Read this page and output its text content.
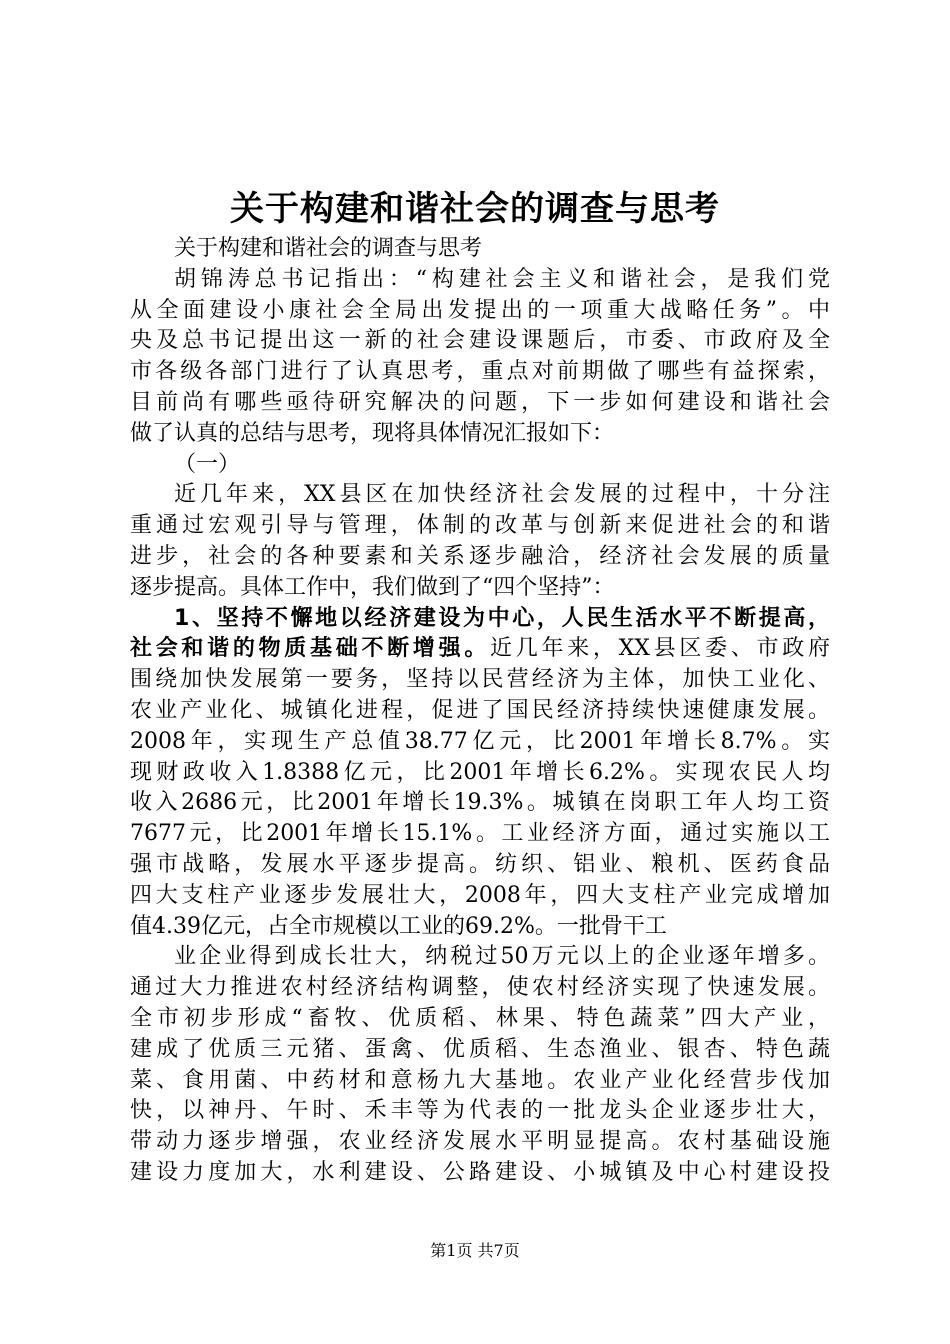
关于构建和谐社会的调查与思考
关于构建和谐社会的调查与思考
胡锦涛总书记指出：“构建社会主义和谐社会，是我们党
从全面建设小康社会全局出发提出的一项重大战略任务”。中
央及总书记提出这一新的社会建设课题后，市委、市政府及全
市各级各部门进行了认真思考，重点对前期做了哪些有益探索，
目前尚有哪些亟待研究解决的问题，下一步如何建设和谐社会
做了认真的总结与思考，现将具体情况汇报如下：
（一）
近几年来，XX县区在加快经济社会发展的过程中，十分注
重通过宏观引导与管理，体制的改革与创新来促进社会的和谐
进步，社会的各种要素和关系逐步融洽，经济社会发展的质量
逐步提高。具体工作中，我们做到了“四个坚持”：
1、坚持不懈地以经济建设为中心，人民生活水平不断提高，
社会和谐的物质基础不断增强。近几年来，XX县区委、市政府
围绕加快发展第一要务，坚持以民营经济为主体，加快工业化、
农业产业化、城镇化进程，促进了国民经济持续快速健康发展。
2008年，实现生产总值38.77亿元，比2001年增长8.7%。实
现财政收入1.8388亿元，比2001年增长6.2%。实现农民人均
收入2686元，比2001年增长19.3%。城镇在岗职工年人均工资
7677元，比2001年增长15.1%。工业经济方面，通过实施以工
强市战略，发展水平逐步提高。纺织、铝业、粮机、医药食品
四大支柱产业逐步发展壮大，2008年，四大支柱产业完成增加
值4.39亿元，占全市规模以工业的69.2%。一批骨干工
业企业得到成长壮大，纳税过50万元以上的企业逐年增多。
通过大力推进农村经济结构调整，使农村经济实现了快速发展。
全市初步形成“畜牧、优质稻、林果、特色蔬菜”四大产业，
建成了优质三元猪、蛋禽、优质稻、生态渔业、银杏、特色蔬
菜、食用菌、中药材和意杨九大基地。农业产业化经营步伐加
快，以神丹、午时、禾丰等为代表的一批龙头企业逐步壮大，
带动力逐步增强，农业经济发展水平明显提高。农村基础设施
建设力度加大，水利建设、公路建设、小城镇及中心村建设投
第1页 共7页
